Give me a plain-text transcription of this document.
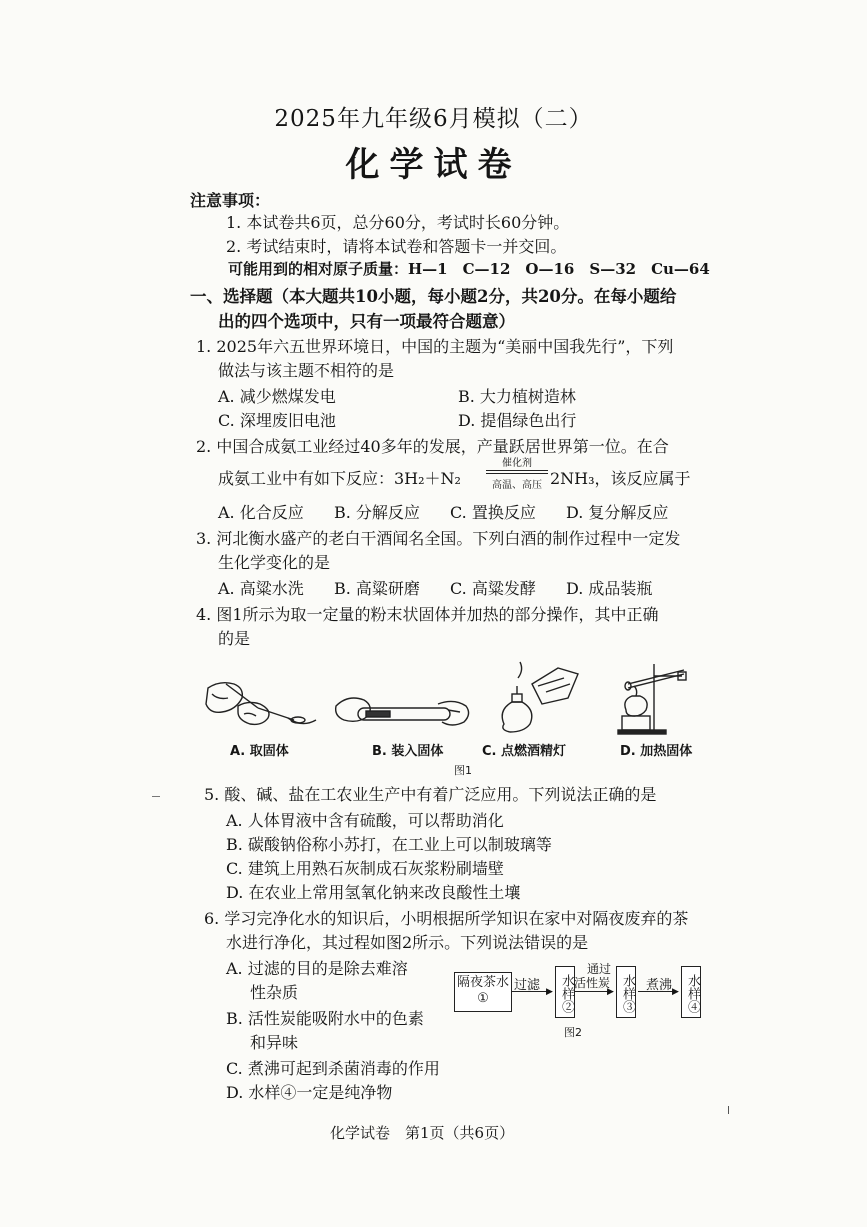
2025年九年级6月模拟（二）
化学试卷
注意事项：
1. 本试卷共6页，总分60分，考试时长60分钟。
2. 考试结束时，请将本试卷和答题卡一并交回。
可能用到的相对原子质量：H—1　C—12　O—16　S—32　Cu—64
一、选择题（本大题共10小题，每小题2分，共20分。在每小题给
出的四个选项中，只有一项最符合题意）
1. 2025年六五世界环境日，中国的主题为“美丽中国我先行”，下列
做法与该主题不相符的是
A. 减少燃煤发电	B. 大力植树造林
C. 深埋废旧电池	D. 提倡绿色出行
2. 中国合成氨工业经过40多年的发展，产量跃居世界第一位。在合
成氨工业中有如下反应：3H₂＋N₂
催化剂
高温、高压 2NH₃，该反应属于
A. 化合反应 B. 分解反应 C. 置换反应 D. 复分解反应
3. 河北衡水盛产的老白干酒闻名全国。下列白酒的制作过程中一定发
生化学变化的是
A. 高粱水洗 B. 高粱研磨 C. 高粱发酵 D. 成品装瓶
4. 图1所示为取一定量的粉末状固体并加热的部分操作，其中正确
的是
A. 取固体	B. 装入固体	C. 点燃酒精灯	D. 加热固体
图1
5. 酸、碱、盐在工农业生产中有着广泛应用。下列说法正确的是
A. 人体胃液中含有硫酸，可以帮助消化
B. 碳酸钠俗称小苏打，在工业上可以制玻璃等
C. 建筑上用熟石灰制成石灰浆粉刷墙壁
D. 在农业上常用氢氧化钠来改良酸性土壤
6. 学习完净化水的知识后，小明根据所学知识在家中对隔夜废弃的茶
水进行净化，其过程如图2所示。下列说法错误的是
A. 过滤的目的是除去难溶
性杂质
B. 活性炭能吸附水中的色素
和异味
C. 煮沸可起到杀菌消毒的作用
D. 水样④一定是纯净物
隔夜茶水
①
过滤 ▶ 水样②
通过
活性炭
▶ 水样③ 煮沸 ▶ 水样④
图2
化学试卷　第1页（共6页）
